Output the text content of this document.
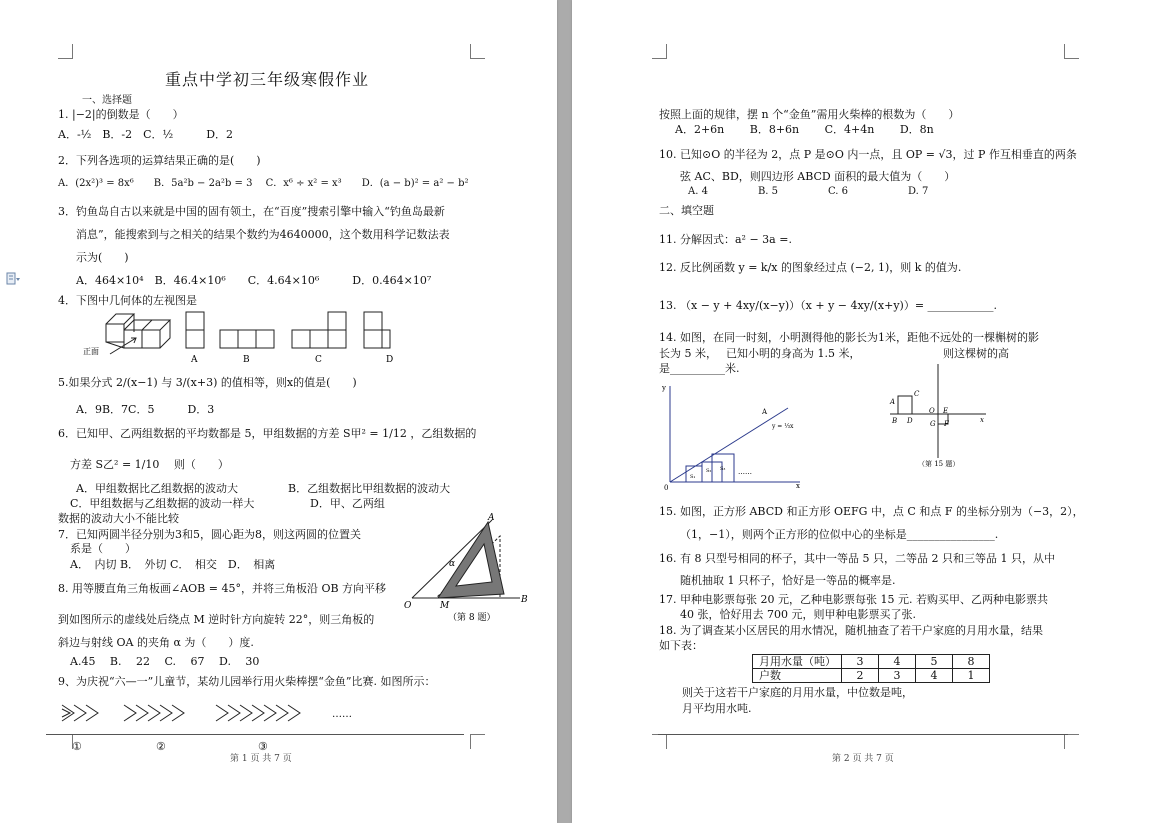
重点中学初三年级寒假作业
一、选择题
1. |−2|的倒数是（　　）
A．-½　B．-2　C．½　　　D．2
2．下列各选项的运算结果正确的是(　　)
A．(2x²)³ = 8x⁶　　B．5a²b − 2a²b = 3　 C．x⁶ ÷ x² = x³　　D．(a − b)² = a² − b²
3．钓鱼岛自古以来就是中国的固有领土，在“百度”搜索引擎中输入“钓鱼岛最新
消息”，能搜索到与之相关的结果个数约为4640000，这个数用科学记数法表
示为(　　)
A．464×10⁴　B．46.4×10⁶　　C．4.64×10⁶　　　D．0.464×10⁷
4．下图中几何体的左视图是
正面
A	B	C	D
5.如果分式 2/(x−1) 与 3/(x+3) 的值相等，则x的值是(　　)
A．9B．7C．5　　　D．3
6．已知甲、乙两组数据的平均数都是 5，甲组数据的方差 S甲² = 1/12 ，乙组数据的
方差 S乙² = 1/10 　则（　　）
A．甲组数据比乙组数据的波动大	B．乙组数据比甲组数据的波动大
C．甲组数据与乙组数据的波动一样大	D．甲、乙两组
数据的波动大小不能比较
7．已知两圆半径分别为3和5，圆心距为8，则这两圆的位置关
系是（　　）
A．　内切 B．　外切 C．　相交　D．　相离
8. 用等腰直角三角板画∠AOB = 45°，并将三角板沿 OB 方向平移
到如图所示的虚线处后绕点 M 逆时针方向旋转 22°，则三角板的
斜边与射线 OA 的夹角 α 为（　　）度.
A.45　 B.　 22　 C.　 67　 D.　 30
O	M
B
A
α
（第 8 题）
9、为庆祝“六—一”儿童节，某幼儿园举行用火柴棒摆“金鱼”比赛. 如图所示：
……
①	②	③
第 1 页 共 7 页
按照上面的规律，摆 n 个“金鱼”需用火柴棒的根数为（　　）
A．2+6n　　 B．8+6n　　 C．4+4n　　 D．8n
10. 已知⊙O 的半径为 2，点 P 是⊙O 内一点，且 OP = √3，过 P 作互相垂直的两条
弦 AC、BD，则四边形 ABCD 面积的最大值为（　　）
A. 4　　　　　B. 5　　　　　C. 6　　　　　　D. 7
二、填空题
11. 分解因式：a² − 3a =.
12. 反比例函数 y = k/x 的图象经过点 (−2, 1)，则 k 的值为.
13. （x − y + 4xy/(x−y)）（x + y − 4xy/(x+y)）= ____________.
14. 如图，在同一时刻，小明测得他的影长为1米，距他不远处的一棵槲树的影
长为 5 米，　 已知小明的身高为 1.5 米，　　　　　　　　则这棵树的高
是__________米.
y
x
0
A
y = ⅓x
S₁
S₂ S₃ ……
A
C
B D
O E
G F	x
（第 15 题）
15. 如图，正方形 ABCD 和正方形 OEFG 中，点 C 和点 F 的坐标分别为（−3，2），
（1，−1），则两个正方形的位似中心的坐标是________________.
16. 有 8 只型号相同的杯子，其中一等品 5 只，二等品 2 只和三等品 1 只，从中
随机抽取 1 只杯子，恰好是一等品的概率是.
17. 甲种电影票每张 20 元，乙种电影票每张 15 元. 若购买甲、乙两种电影票共
40 张，恰好用去 700 元，则甲种电影票买了张.
18. 为了调查某小区居民的用水情况，随机抽查了若干户家庭的月用水量，结果
如下表：
月用水量（吨）	3	4	5	8
户数	2	3	4	1
则关于这若干户家庭的月用水量，中位数是吨，
月平均用水吨.
第 2 页 共 7 页
